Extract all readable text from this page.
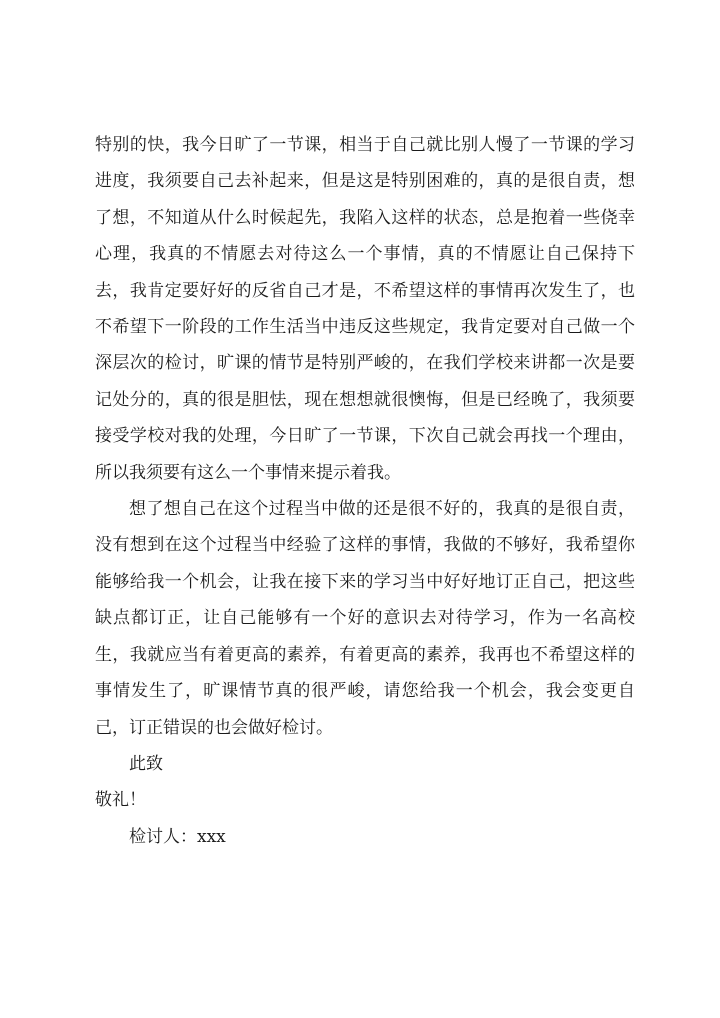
特别的快，我今日旷了一节课，相当于自己就比别人慢了一节课的学习进度，我须要自己去补起来，但是这是特别困难的，真的是很自责，想了想，不知道从什么时候起先，我陷入这样的状态，总是抱着一些侥幸心理，我真的不情愿去对待这么一个事情，真的不情愿让自己保持下去，我肯定要好好的反省自己才是，不希望这样的事情再次发生了，也不希望下一阶段的工作生活当中违反这些规定，我肯定要对自己做一个深层次的检讨，旷课的情节是特别严峻的，在我们学校来讲都一次是要记处分的，真的很是胆怯，现在想想就很懊悔，但是已经晚了，我须要接受学校对我的处理，今日旷了一节课，下次自己就会再找一个理由，所以我须要有这么一个事情来提示着我。

想了想自己在这个过程当中做的还是很不好的，我真的是很自责，没有想到在这个过程当中经验了这样的事情，我做的不够好，我希望你能够给我一个机会，让我在接下来的学习当中好好地订正自己，把这些缺点都订正，让自己能够有一个好的意识去对待学习，作为一名高校生，我就应当有着更高的素养，有着更高的素养，我再也不希望这样的事情发生了，旷课情节真的很严峻，请您给我一个机会，我会变更自己，订正错误的也会做好检讨。

此致

敬礼！

检讨人：xxx
